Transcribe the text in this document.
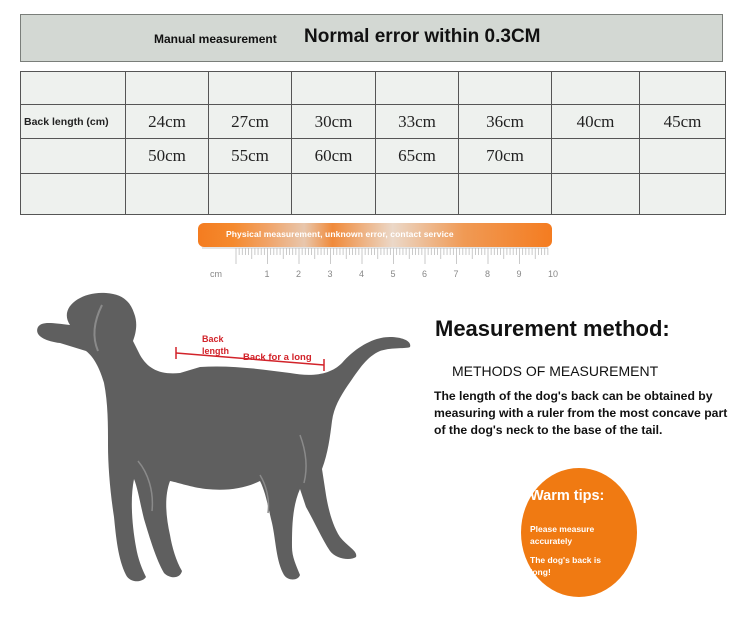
Manual measurement Normal error within 0.3CM

Back length (cm)	24cm	27cm	30cm	33cm	36cm	40cm	45cm
	50cm	55cm	60cm	65cm	70cm		

Physical measurement, unknown error, contact service
cm	1	2	3	4	5	6	7	8	9	10
Back length
Back for a long
Measurement method:
METHODS OF MEASUREMENT
The length of the dog's back can be obtained by measuring with a ruler from the most concave part of the dog's neck to the base of the tail.
Warm tips:
Please measure accurately
The dog's back is long!
